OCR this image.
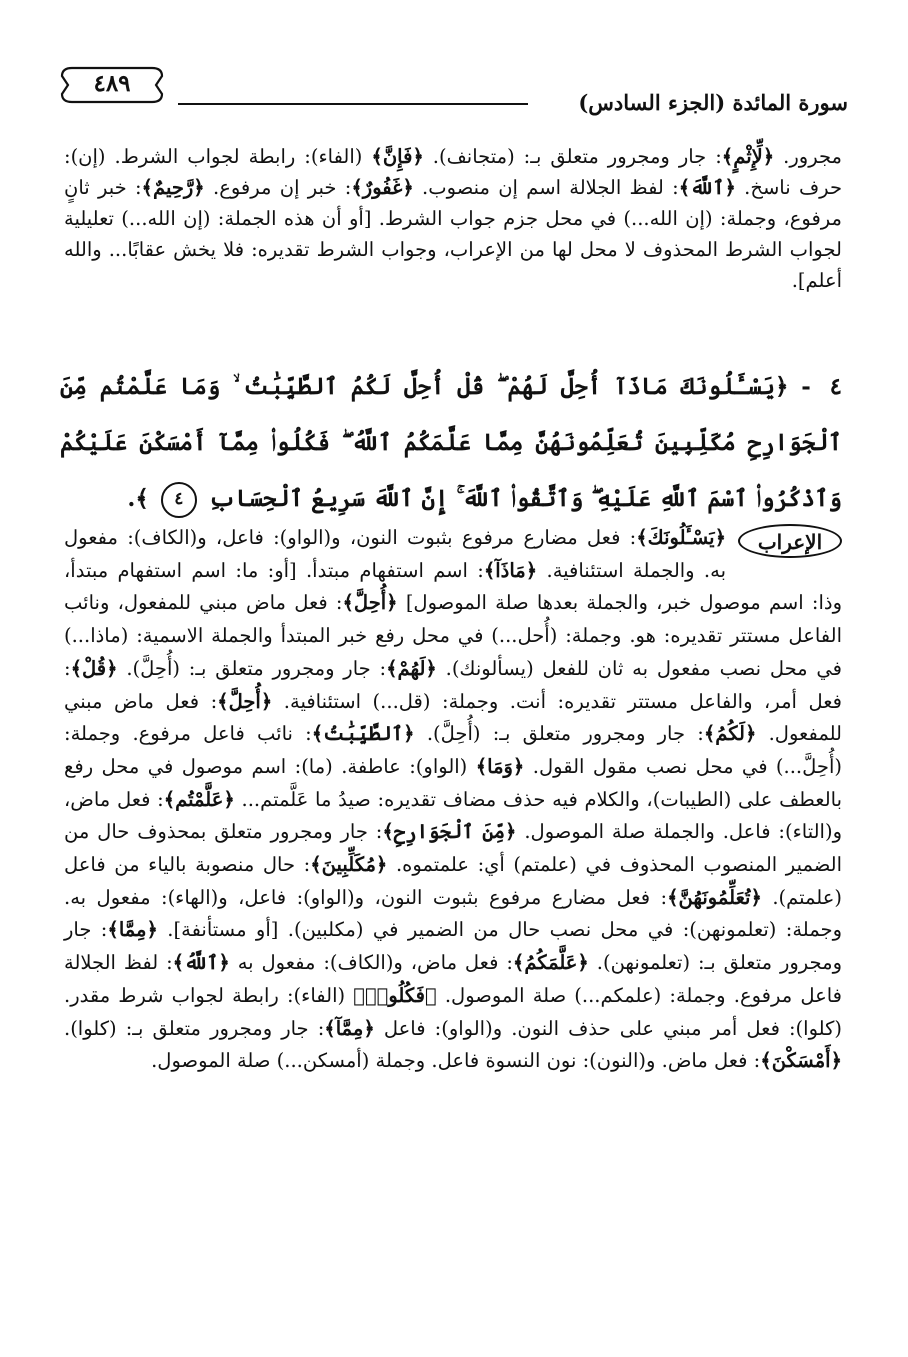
سورة المائدة (الجزء السادس)
٤٨٩
مجرور. ﴿لِّإِثْمٍ﴾: جار ومجرور متعلق بـ: (متجانف). ﴿فَإِنَّ﴾ (الفاء): رابطة لجواب الشرط. (إن): حرف ناسخ. ﴿ٱللَّهَ﴾: لفظ الجلالة اسم إن منصوب. ﴿غَفُورٌ﴾: خبر إن مرفوع. ﴿رَّحِيمٌ﴾: خبر ثانٍ مرفوع، وجملة: (إن الله...) في محل جزم جواب الشرط. [أو أن هذه الجملة: (إن الله...) تعليلية لجواب الشرط المحذوف لا محل لها من الإعراب، وجواب الشرط تقديره: فلا يخش عقابًا... والله أعلم].
٤ - ﴿يَسْـَٔلُونَكَ مَاذَآ أُحِلَّ لَهُمْ ۖ قُلْ أُحِلَّ لَكُمُ ٱلطَّيِّبَٰتُ ۙ وَمَا عَلَّمْتُم مِّنَ ٱلْجَوَارِحِ مُكَلِّبِينَ تُعَلِّمُونَهُنَّ مِمَّا عَلَّمَكُمُ ٱللَّهُ ۖ فَكُلُوا۟ مِمَّآ أَمْسَكْنَ عَلَيْكُمْ وَٱذْكُرُوا۟ ٱسْمَ ٱللَّهِ عَلَيْهِ ۖ وَٱتَّقُوا۟ ٱللَّهَ ۚ إِنَّ ٱللَّهَ سَرِيعُ ٱلْحِسَابِ ٤ ﴾.
الإعراب
﴿يَسْـَٔلُونَكَ﴾: فعل مضارع مرفوع بثبوت النون، و(الواو): فاعل، و(الكاف): مفعول به. والجملة استئنافية. ﴿مَاذَآ﴾: اسم استفهام مبتدأ. [أو: ما: اسم استفهام مبتدأ، وذا: اسم موصول خبر، والجملة بعدها صلة الموصول] ﴿أُحِلَّ﴾: فعل ماض مبني للمفعول، ونائب الفاعل مستتر تقديره: هو. وجملة: (أُحل...) في محل رفع خبر المبتدأ والجملة الاسمية: (ماذا...) في محل نصب مفعول به ثان للفعل (يسألونك). ﴿لَهُمْ﴾: جار ومجرور متعلق بـ: (أُحِلَّ). ﴿قُلْ﴾: فعل أمر، والفاعل مستتر تقديره: أنت. وجملة: (قل...) استئنافية. ﴿أُحِلَّ﴾: فعل ماض مبني للمفعول. ﴿لَكُمُ﴾: جار ومجرور متعلق بـ: (أُحِلَّ). ﴿ٱلطَّيِّبَٰتُ﴾: نائب فاعل مرفوع. وجملة: (أُحِلَّ...) في محل نصب مقول القول. ﴿وَمَا﴾ (الواو): عاطفة. (ما): اسم موصول في محل رفع بالعطف على (الطيبات)، والكلام فيه حذف مضاف تقديره: صيدُ ما عَلَّمتم... ﴿عَلَّمْتُم﴾: فعل ماض، و(التاء): فاعل. والجملة صلة الموصول. ﴿مِّنَ ٱلْجَوَارِحِ﴾: جار ومجرور متعلق بمحذوف حال من الضمير المنصوب المحذوف في (علمتم) أي: علمتموه. ﴿مُكَلِّبِينَ﴾: حال منصوبة بالياء من فاعل (علمتم). ﴿تُعَلِّمُونَهُنَّ﴾: فعل مضارع مرفوع بثبوت النون، و(الواو): فاعل، و(الهاء): مفعول به. وجملة: (تعلمونهن): في محل نصب حال من الضمير في (مكلبين). [أو مستأنفة]. ﴿مِمَّا﴾: جار ومجرور متعلق بـ: (تعلمونهن). ﴿عَلَّمَكُمُ﴾: فعل ماض، و(الكاف): مفعول به ﴿ٱللَّهُ﴾: لفظ الجلالة فاعل مرفوع. وجملة: (علمكم...) صلة الموصول. ﴿فَكُلُوا۟﴾ (الفاء): رابطة لجواب شرط مقدر. (كلوا): فعل أمر مبني على حذف النون. و(الواو): فاعل ﴿مِمَّآ﴾: جار ومجرور متعلق بـ: (كلوا). ﴿أَمْسَكْنَ﴾: فعل ماض. و(النون): نون النسوة فاعل. وجملة (أمسكن...) صلة الموصول.
